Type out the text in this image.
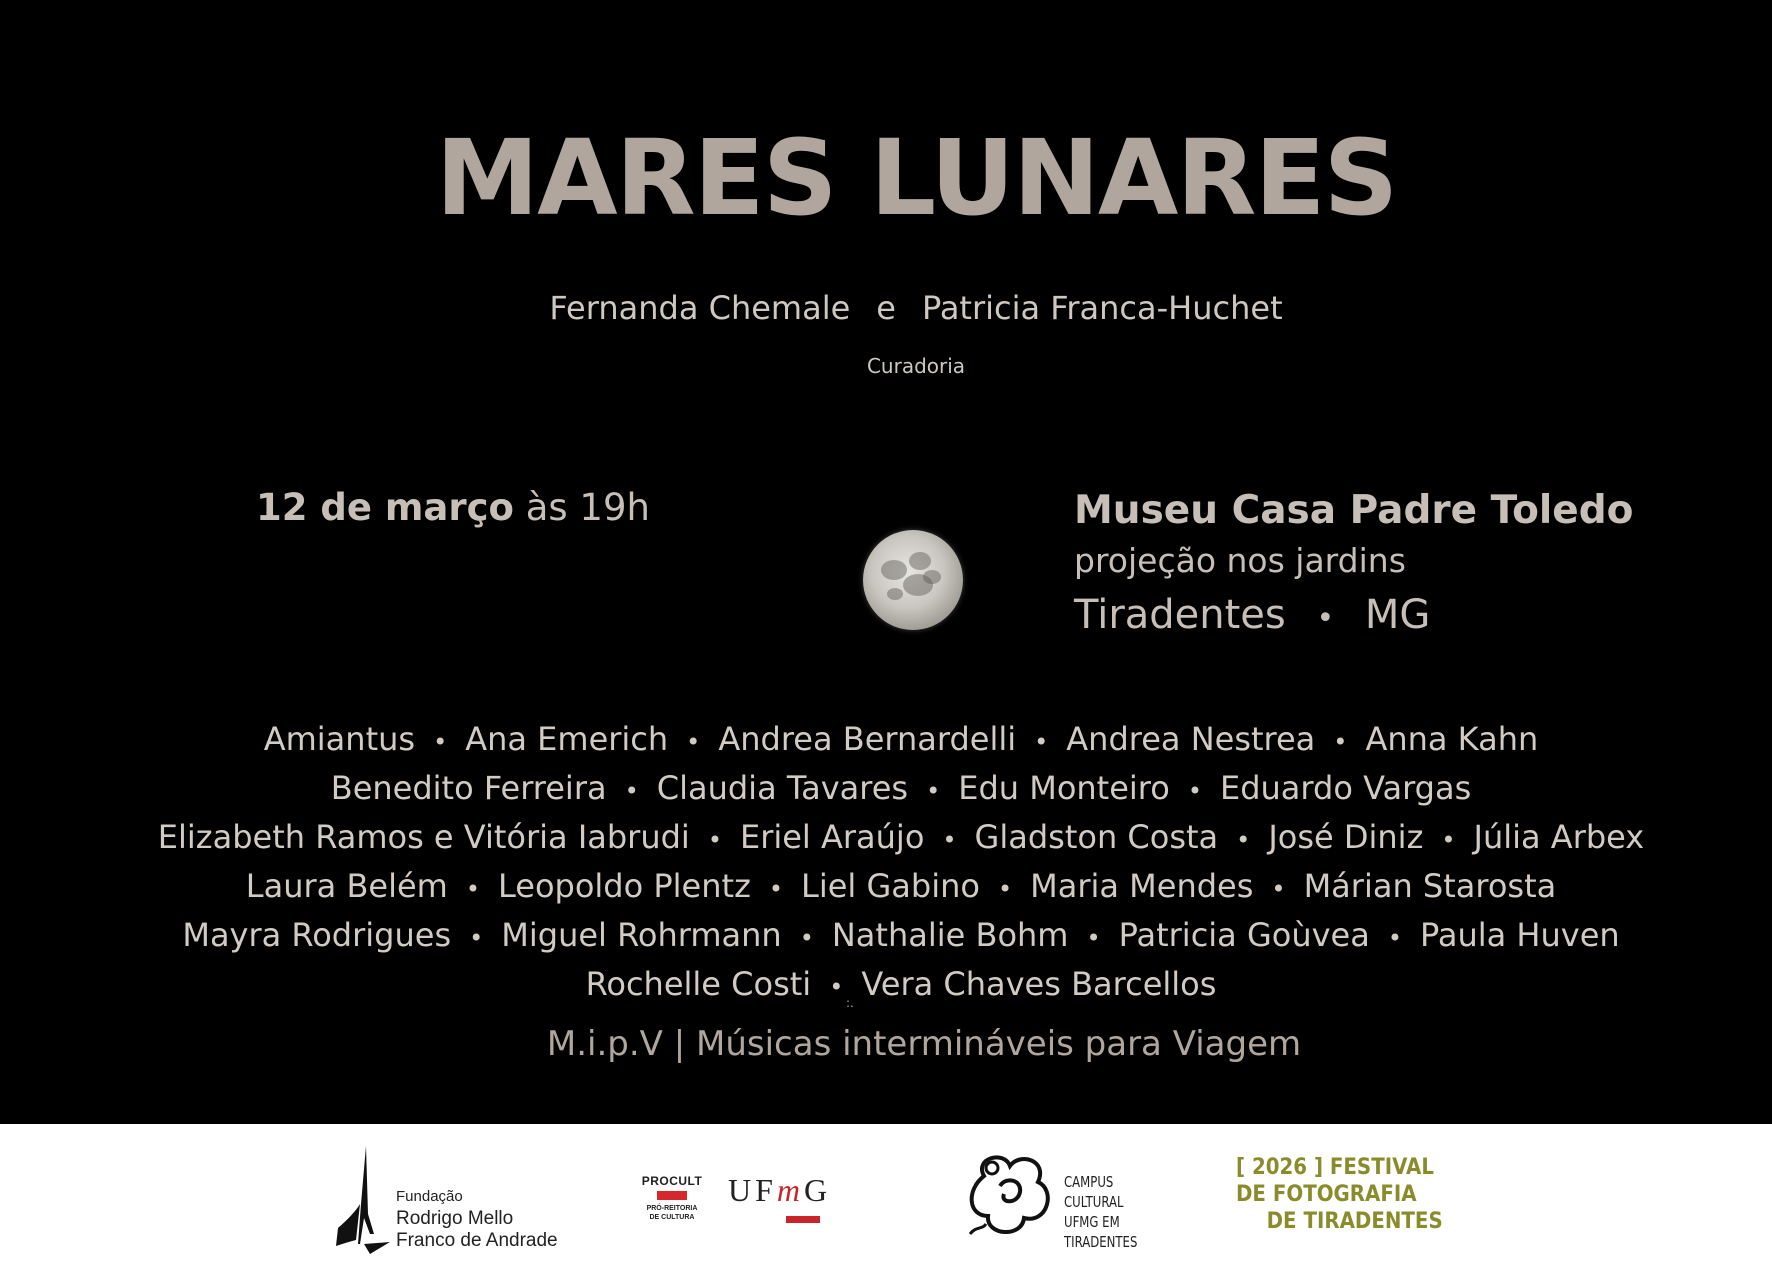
MARES LUNARES
Fernanda Chemale e Patricia Franca-Huchet
Curadoria
12 de março às 19h	Museu Casa Padre Toledo
projeção nos jardins
Tiradentes • MG
Amiantus • Ana Emerich • Andrea Bernardelli • Andrea Nestrea • Anna Kahn
Benedito Ferreira • Claudia Tavares • Edu Monteiro • Eduardo Vargas
Elizabeth Ramos e Vitória Iabrudi • Eriel Araújo • Gladston Costa • José Diniz • Júlia Arbex
Laura Belém • Leopoldo Plentz • Liel Gabino • Maria Mendes • Márian Starosta
Mayra Rodrigues • Miguel Rohrmann • Nathalie Bohm • Patricia Goùvea • Paula Huven
Rochelle Costi • Vera Chaves Barcellos
:.
M.i.p.V | Músicas intermináveis para Viagem
Fundação
Rodrigo Mello
Franco de Andrade
PROCULT
PRÓ-REITORIA
DE CULTURA
UFmG	CAMPUS
CULTURAL
UFMG EM
TIRADENTES
[ 2026 ] FESTIVAL
DE FOTOGRAFIA
DE TIRADENTES
